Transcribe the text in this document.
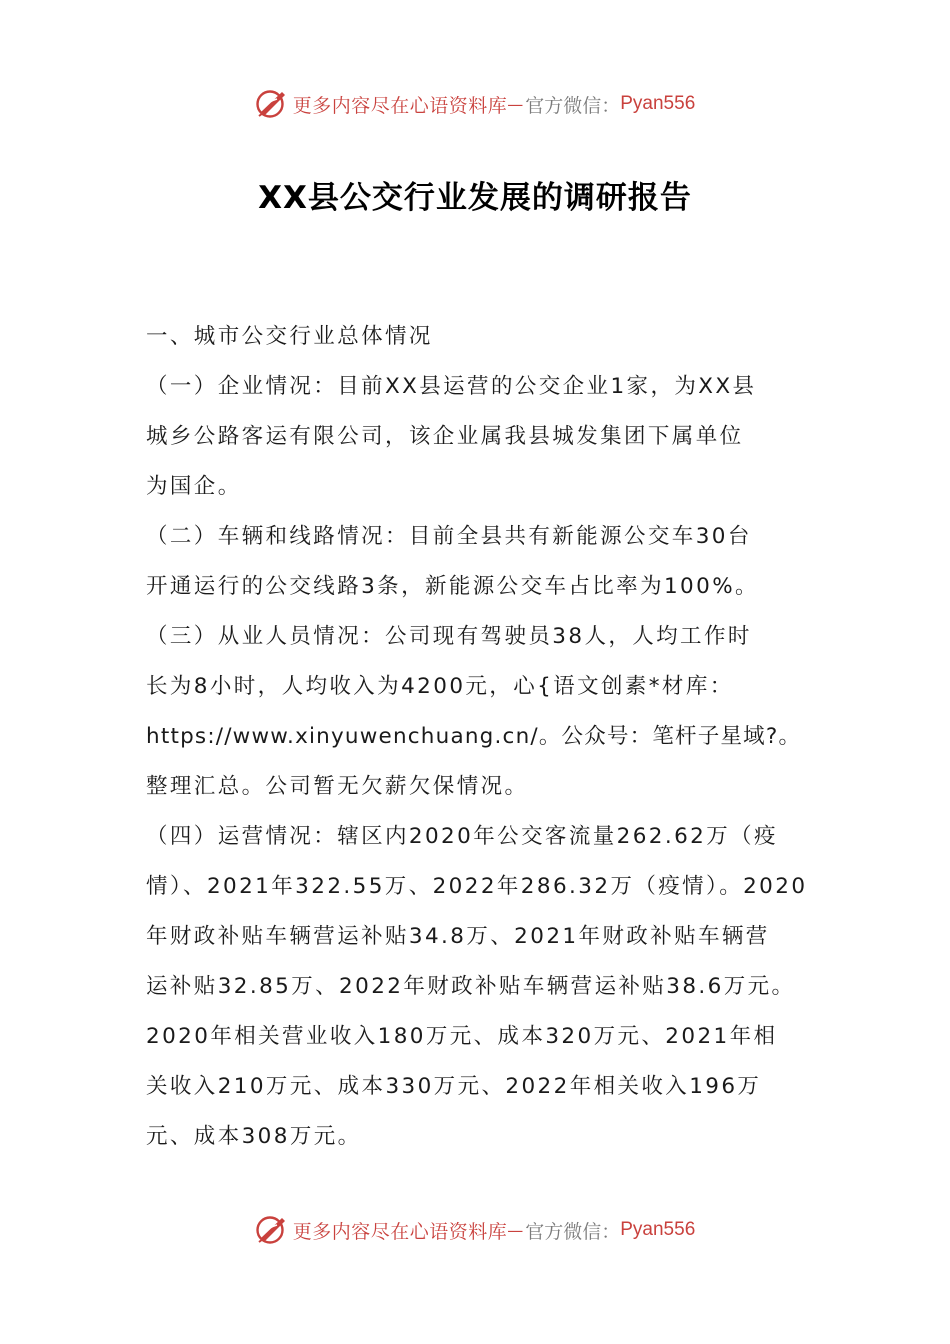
更多内容尽在心语资料库 — 官方微信： Pyan556
XX县公交行业发展的调研报告
一、城市公交行业总体情况
（一）企业情况：目前XX县运营的公交企业1家，为XX县
城乡公路客运有限公司，该企业属我县城发集团下属单位
为国企。
（二）车辆和线路情况：目前全县共有新能源公交车30台
开通运行的公交线路3条，新能源公交车占比率为100%。
（三）从业人员情况：公司现有驾驶员38人，人均工作时
长为8小时，人均收入为4200元，心{语文创素*材库：
https://www.xinyuwenchuang.cn/。公众号：笔杆子星域?。
整理汇总。公司暂无欠薪欠保情况。
（四）运营情况：辖区内2020年公交客流量262.62万（疫
情）、2021年322.55万、2022年286.32万（疫情）。2020
年财政补贴车辆营运补贴34.8万、2021年财政补贴车辆营
运补贴32.85万、2022年财政补贴车辆营运补贴38.6万元。
2020年相关营业收入180万元、成本320万元、2021年相
关收入210万元、成本330万元、2022年相关收入196万
元、成本308万元。
更多内容尽在心语资料库 — 官方微信： Pyan556
